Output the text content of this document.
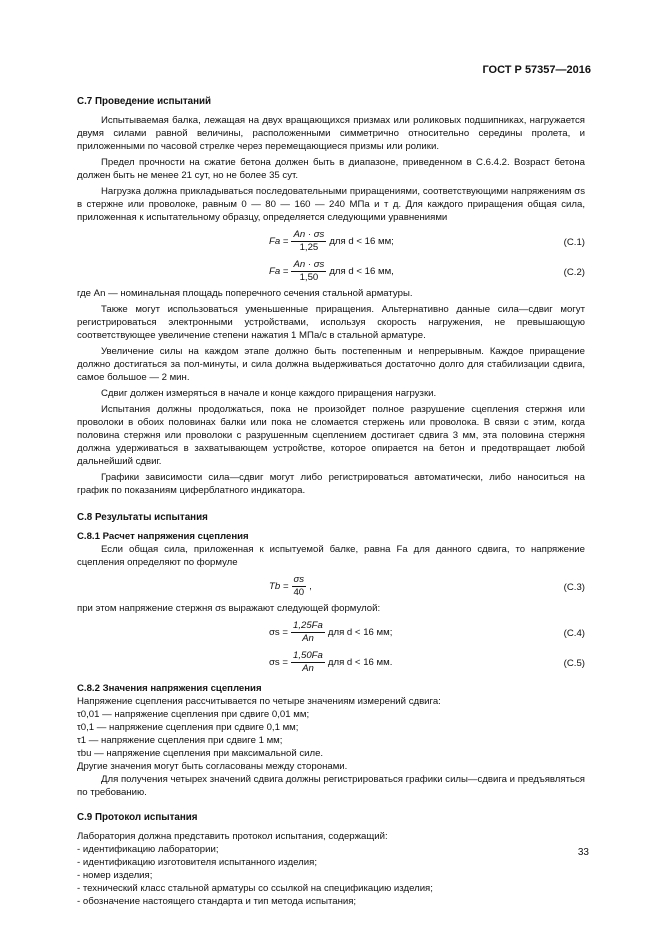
ГОСТ Р 57357—2016
С.7 Проведение испытаний

Испытываемая балка, лежащая на двух вращающихся призмах или роликовых подшипниках, нагружается двумя силами равной величины, расположенными симметрично относительно середины пролета, и приложенными по часовой стрелке через перемещающиеся призмы или ролики.

Предел прочности на сжатие бетона должен быть в диапазоне, приведенном в С.6.4.2. Возраст бетона должен быть не менее 21 сут, но не более 35 сут.

Нагрузка должна прикладываться последовательными приращениями, соответствующими напряжениям σs в стержне или проволоке, равным 0 — 80 — 160 — 240 МПа и т д. Для каждого приращения общая сила, приложенная к испытательному образцу, определяется следующими уравнениями

$Fa = \frac{An \cdot \sigma s}{1,25}$ для d < 16 мм;	(С.1)
$Fa = \frac{An \cdot \sigma s}{1,50}$ для d < 16 мм,	(С.2)

где An — номинальная площадь поперечного сечения стальной арматуры.

Также могут использоваться уменьшенные приращения. Альтернативно данные сила—сдвиг могут регистрироваться электронными устройствами, используя скорость нагружения, не превышающую соответствующее увеличение степени нажатия 1 МПа/с в стальной арматуре.

Увеличение силы на каждом этапе должно быть постепенным и непрерывным. Каждое приращение должно достигаться за пол-минуты, и сила должна выдерживаться достаточно долго для стабилизации сдвига, самое большое — 2 мин.

Сдвиг должен измеряться в начале и конце каждого приращения нагрузки.

Испытания должны продолжаться, пока не произойдет полное разрушение сцепления стержня или проволоки в обоих половинах балки или пока не сломается стержень или проволока. В связи с этим, когда половина стержня или проволоки с разрушенным сцеплением достигает сдвига 3 мм, эта половина стержня должна удерживаться в захватывающем устройстве, которое опирается на бетон и предотвращает любой дальнейший сдвиг.

Графики зависимости сила—сдвиг могут либо регистрироваться автоматически, либо наноситься на график по показаниям циферблатного индикатора.

С.8 Результаты испытания
С.8.1 Расчет напряжения сцепления

Если общая сила, приложенная к испытуемой балке, равна Fa для данного сдвига, то напряжение сцепления определяют по формуле

$Tb = \frac{\sigma s}{40}$ ,	(С.3)

при этом напряжение стержня σs выражают следующей формулой:

$\sigma s = \frac{1,25Fa}{An}$ для d < 16 мм;	(С.4)
$\sigma s = \frac{1,50Fa}{An}$ для d < 16 мм.	(С.5)
С.8.2 Значения напряжения сцепления

Напряжение сцепления рассчитывается по четыре значениям измерений сдвига:

τ0,01 — напряжение сцепления при сдвиге 0,01 мм;

τ0,1 — напряжение сцепления при сдвиге 0,1 мм;

τ1 — напряжение сцепления при сдвиге 1 мм;

τbu — напряжение сцепления при максимальной силе.

Другие значения могут быть согласованы между сторонами.

Для получения четырех значений сдвига должны регистрироваться графики силы—сдвига и предъявляться по требованию.

С.9 Протокол испытания

Лаборатория должна представить протокол испытания, содержащий:

- идентификацию лаборатории;

- идентификацию изготовителя испытанного изделия;

- номер изделия;

- технический класс стальной арматуры со ссылкой на спецификацию изделия;

- обозначение настоящего стандарта и тип метода испытания;

33
